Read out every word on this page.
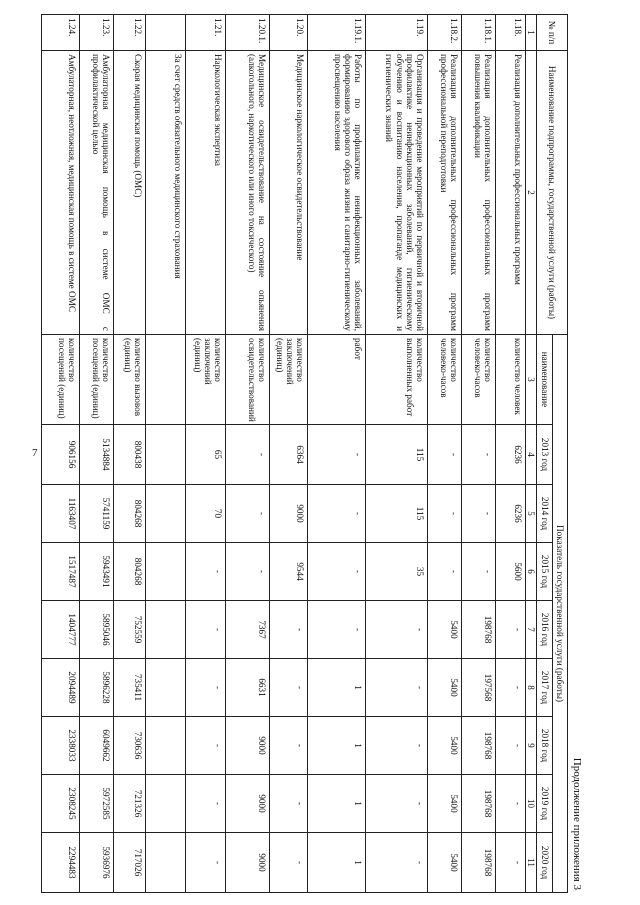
7
Продолжение приложения 3
№ п/п	Наименование подпрограммы, государственной услуги (работы)	Показатель государственной услуги (работы)								
		наименование	2013 год	2014 год	2015 год	2016 год	2017 год	2018 год	2019 год	2020 год
1	2	3	4	5	6	7	8	9	10	11
1.18.	Реализация дополнительных профессиональных программ	количество человек	6236	6236	5600	-	-	-	-	-
1.18.1.	Реализация дополнительных профессиональных программ повышения квалификации	количество человеко-часов	-	-	-	198768	197568	198768	198768	198768
1.18.2.	Реализация дополнительных профессиональных программ профессиональной переподготовки	количество человеко-часов	-	-	-	5400	5400	5400	5400	5400
1.19.	Организация и проведение мероприятий по первичной и вторичной профилактике неинфекционных заболеваний, гигиеническому обучению и воспитанию населения, пропаганде медицинских и гигиенических знаний	количество выполненных работ	115	115	35	-	-	-	-	-
1.19.1.	Работы по профилактике неинфекционных заболеваний, формированию здорового образа жизни и санитарно-гигиеническому просвещению населения	работ	-	-	-	-	1	1	1	1
1.20.	Медицинское наркологическое освидетельствование	количество заключений (единиц)	6364	9000	9544	-	-	-	-	-
1.20.1.	Медицинское освидетельствование на состояние опьянения (алкогольного, наркотического или иного токсического)	количество освидетельствований	-	-	-	7367	6631	9000	9000	9000
1.21.	Наркологическая экспертиза	количество заключений (единиц)	65	70	-	-	-	-	-	-
	За счет средств обязательного медицинского страхования									
1.22.	Скорая медицинская помощь (ОМС)	количество вызовов (единиц)	800438	804268	804268	752559	735411	730636	721326	717026
1.23.	Амбулаторная медицинская помощь в системе ОМС с профилактической целью	количество посещений (единиц)	5134884	5741159	5943491	5895046	5896228	6049662	5972585	5936976
1.24.	Амбулаторная, неотложная, медицинская помощь в системе ОМС	количество посещений (единиц)	906156	1163407	1517487	1404777	2094489	2338033	2308245	2294483
